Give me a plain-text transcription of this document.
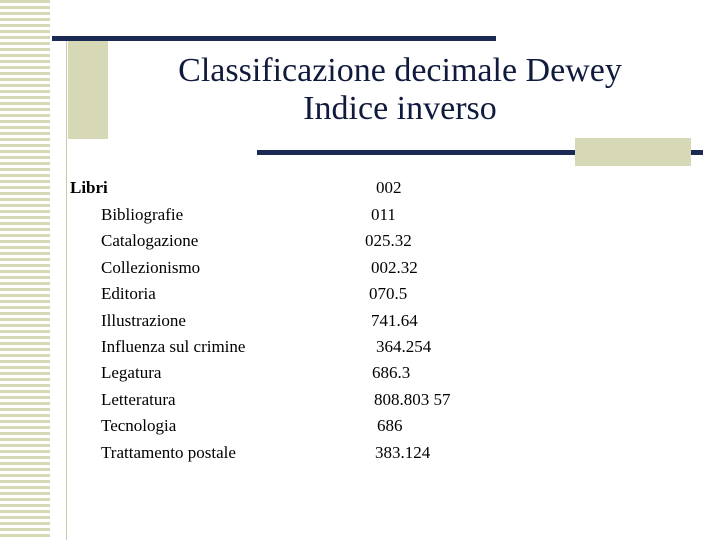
Classificazione decimale Dewey
Indice inverso
Libri	002
Bibliografie	011
Catalogazione	025.32
Collezionismo	002.32
Editoria	070.5
Illustrazione	741.64
Influenza sul crimine	364.254
Legatura	686.3
Letteratura	808.803 57
Tecnologia	686
Trattamento postale	383.124
